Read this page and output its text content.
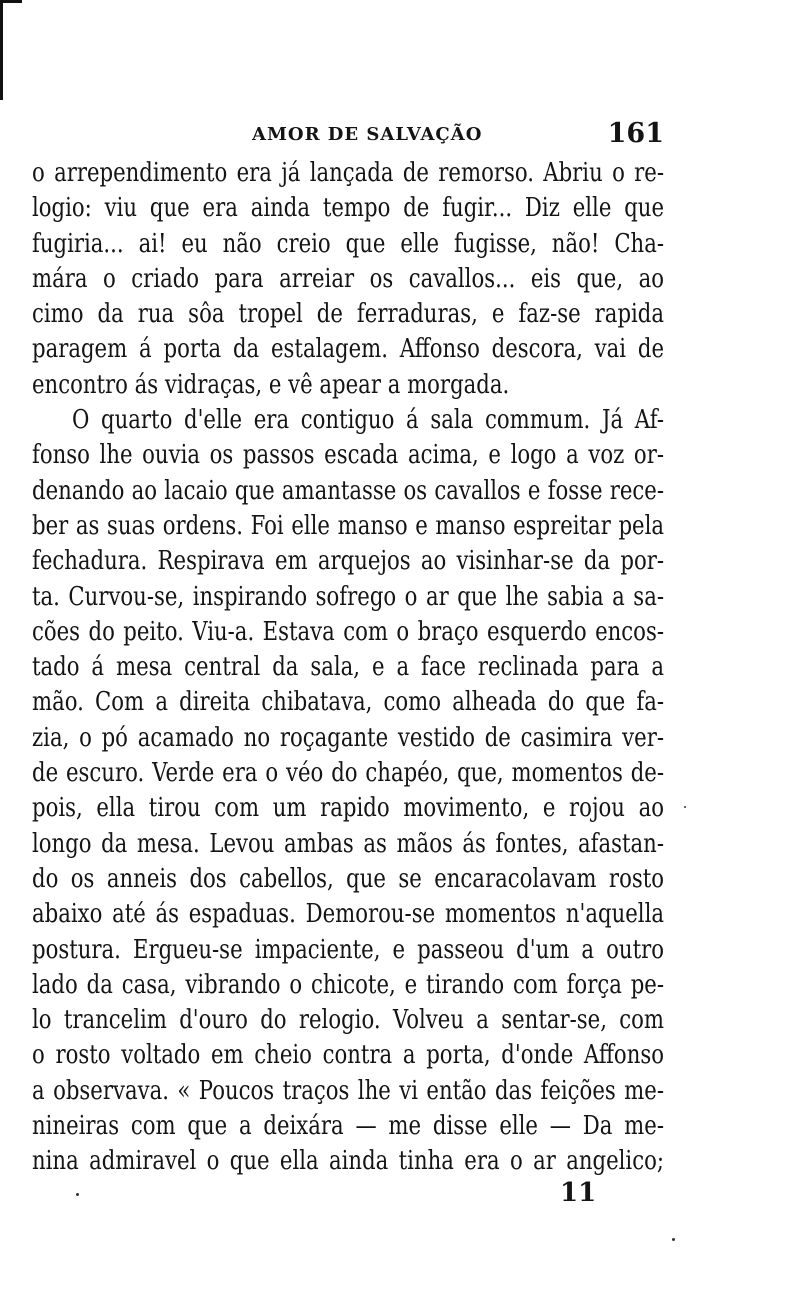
AMOR DE SALVAÇÃO	161
o arrependimento era já lançada de remorso. Abriu o re-
logio: viu que era ainda tempo de fugir... Diz elle que
fugiria... ai! eu não creio que elle fugisse, não! Cha-
mára o criado para arreiar os cavallos... eis que, ao
cimo da rua sôa tropel de ferraduras, e faz-se rapida
paragem á porta da estalagem. Affonso descora, vai de
encontro ás vidraças, e vê apear a morgada.
O quarto d'elle era contiguo á sala commum. Já Af-
fonso lhe ouvia os passos escada acima, e logo a voz or-
denando ao lacaio que amantasse os cavallos e fosse rece-
ber as suas ordens. Foi elle manso e manso espreitar pela
fechadura. Respirava em arquejos ao visinhar-se da por-
ta. Curvou-se, inspirando sofrego o ar que lhe sabia a sa-
cões do peito. Viu-a. Estava com o braço esquerdo encos-
tado á mesa central da sala, e a face reclinada para a
mão. Com a direita chibatava, como alheada do que fa-
zia, o pó acamado no roçagante vestido de casimira ver-
de escuro. Verde era o véo do chapéo, que, momentos de-
pois, ella tirou com um rapido movimento, e rojou ao
longo da mesa. Levou ambas as mãos ás fontes, afastan-
do os anneis dos cabellos, que se encaracolavam rosto
abaixo até ás espaduas. Demorou-se momentos n'aquella
postura. Ergueu-se impaciente, e passeou d'um a outro
lado da casa, vibrando o chicote, e tirando com força pe-
lo trancelim d'ouro do relogio. Volveu a sentar-se, com
o rosto voltado em cheio contra a porta, d'onde Affonso
a observava. « Poucos traços lhe vi então das feições me-
nineiras com que a deixára — me disse elle — Da me-
nina admiravel o que ella ainda tinha era o ar angelico;
11
